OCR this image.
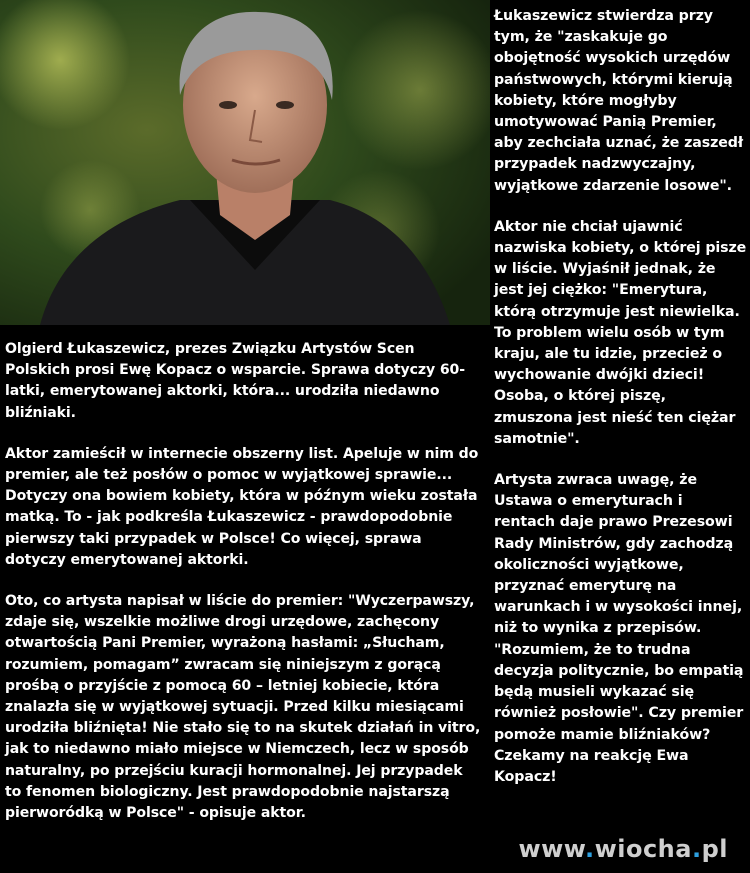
Olgierd Łukaszewicz, prezes Związku Artystów Scen Polskich prosi Ewę Kopacz o wsparcie. Sprawa dotyczy 60-latki, emerytowanej aktorki, która... urodziła niedawno bliźniaki.

Aktor zamieścił w internecie obszerny list. Apeluje w nim do premier, ale też posłów o pomoc w wyjątkowej sprawie... Dotyczy ona bowiem kobiety, która w późnym wieku została matką. To - jak podkreśla Łukaszewicz - prawdopodobnie pierwszy taki przypadek w Polsce! Co więcej, sprawa dotyczy emerytowanej aktorki.

Oto, co artysta napisał w liście do premier: "Wyczerpawszy, zdaje się, wszelkie możliwe drogi urzędowe, zachęcony otwartością Pani Premier, wyrażoną hasłami: „Słucham, rozumiem, pomagam” zwracam się niniejszym z gorącą prośbą o przyjście z pomocą 60 – letniej kobiecie, która znalazła się w wyjątkowej sytuacji. Przed kilku miesiącami urodziła bliźnięta! Nie stało się to na skutek działań in vitro, jak to niedawno miało miejsce w Niemczech, lecz w sposób naturalny, po przejściu kuracji hormonalnej. Jej przypadek to fenomen biologiczny. Jest prawdopodobnie najstarszą pierworódką w Polsce" - opisuje aktor.

Łukaszewicz stwierdza przy tym, że "zaskakuje go obojętność wysokich urzędów państwowych, którymi kierują kobiety, które mogłyby umotywować Panią Premier, aby zechciała uznać, że zaszedł przypadek nadzwyczajny, wyjątkowe zdarzenie losowe".

Aktor nie chciał ujawnić nazwiska kobiety, o której pisze w liście. Wyjaśnił jednak, że jest jej ciężko: "Emerytura, którą otrzymuje jest niewielka. To problem wielu osób w tym kraju, ale tu idzie, przecież o wychowanie dwójki dzieci! Osoba, o której piszę, zmuszona jest nieść ten ciężar samotnie".

Artysta zwraca uwagę, że Ustawa o emeryturach i rentach daje prawo Prezesowi Rady Ministrów, gdy zachodzą okoliczności wyjątkowe, przyznać emeryturę na warunkach i w wysokości innej, niż to wynika z przepisów. "Rozumiem, że to trudna decyzja politycznie, bo empatią będą musieli wykazać się również posłowie". Czy premier pomoże mamie bliźniaków? Czekamy na reakcję Ewa Kopacz!

www.wiocha.pl
